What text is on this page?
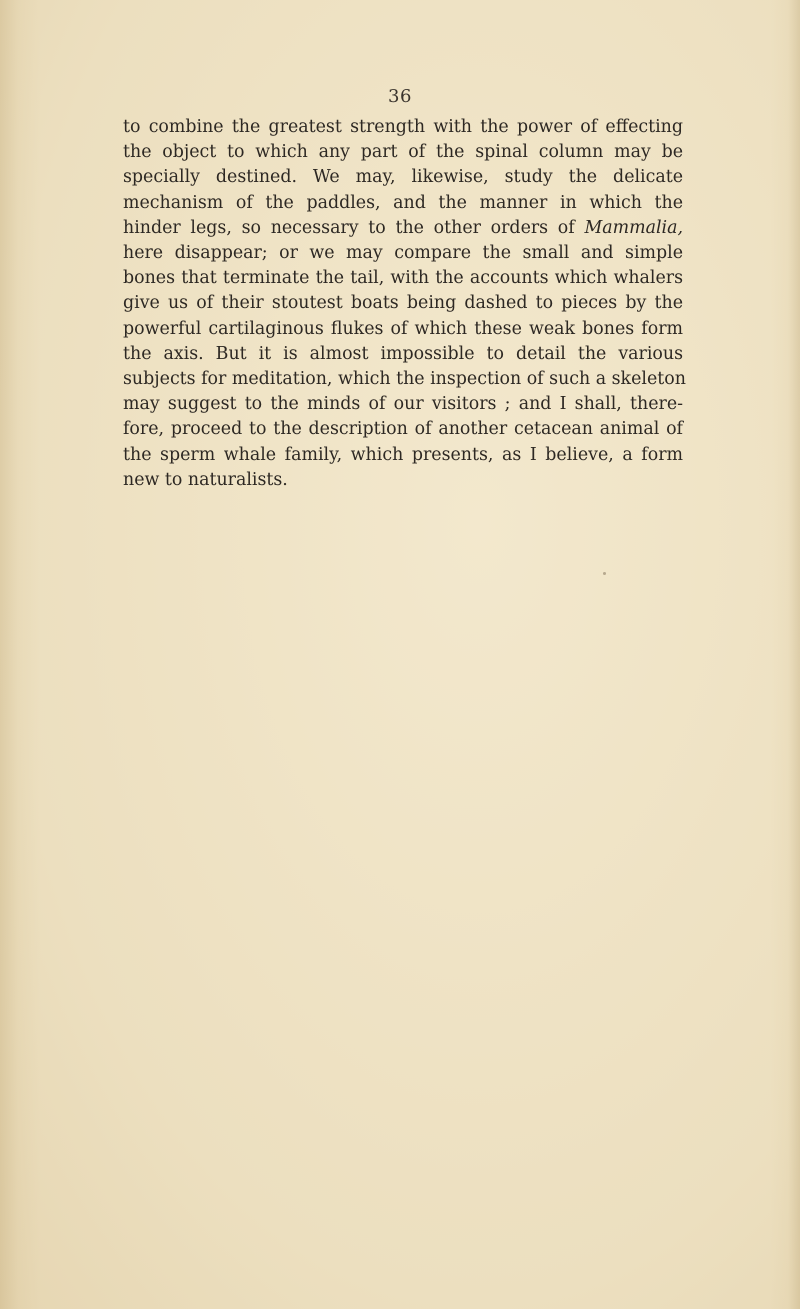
36
to combine the greatest strength with the power of effecting
the object to which any part of the spinal column may be
specially destined. We may, likewise, study the delicate
mechanism of the paddles, and the manner in which the
hinder legs, so necessary to the other orders of Mammalia,
here disappear; or we may compare the small and simple
bones that terminate the tail, with the accounts which whalers
give us of their stoutest boats being dashed to pieces by the
powerful cartilaginous flukes of which these weak bones form
the axis. But it is almost impossible to detail the various
subjects for meditation, which the inspection of such a skeleton
may suggest to the minds of our visitors ; and I shall, there-
fore, proceed to the description of another cetacean animal of
the sperm whale family, which presents, as I believe, a form
new to naturalists.
